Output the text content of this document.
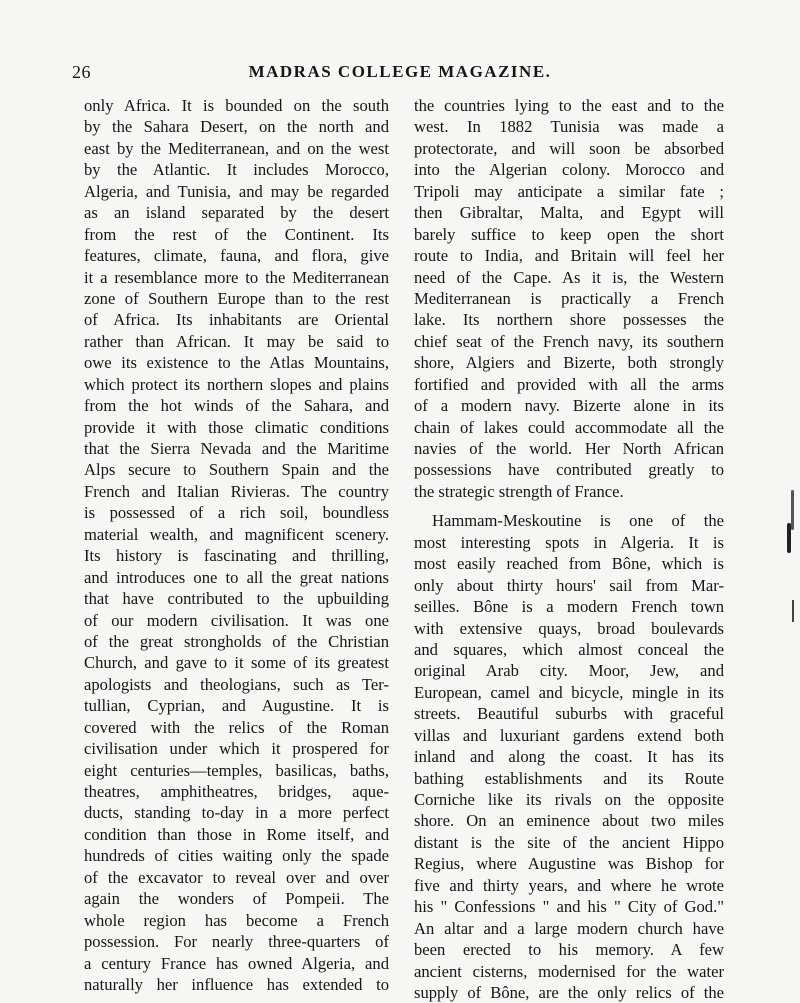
26	MADRAS COLLEGE MAGAZINE.
only Africa. It is bounded on the south
by the Sahara Desert, on the north and
east by the Mediterranean, and on the west
by the Atlantic. It includes Morocco,
Algeria, and Tunisia, and may be regarded
as an island separated by the desert
from the rest of the Continent. Its
features, climate, fauna, and flora, give
it a resemblance more to the Mediterranean
zone of Southern Europe than to the rest
of Africa. Its inhabitants are Oriental
rather than African. It may be said to
owe its existence to the Atlas Mountains,
which protect its northern slopes and plains
from the hot winds of the Sahara, and
provide it with those climatic conditions
that the Sierra Nevada and the Maritime
Alps secure to Southern Spain and the
French and Italian Rivieras. The country
is possessed of a rich soil, boundless
material wealth, and magnificent scenery.
Its history is fascinating and thrilling,
and introduces one to all the great nations
that have contributed to the upbuilding
of our modern civilisation. It was one
of the great strongholds of the Christian
Church, and gave to it some of its greatest
apologists and theologians, such as Ter-
tullian, Cyprian, and Augustine. It is
covered with the relics of the Roman
civilisation under which it prospered for
eight centuries—temples, basilicas, baths,
theatres, amphitheatres, bridges, aque-
ducts, standing to-day in a more perfect
condition than those in Rome itself, and
hundreds of cities waiting only the spade
of the excavator to reveal over and over
again the wonders of Pompeii. The
whole region has become a French
possession. For nearly three-quarters of
a century France has owned Algeria, and
naturally her influence has extended to
the countries lying to the east and to the
west. In 1882 Tunisia was made a
protectorate, and will soon be absorbed
into the Algerian colony. Morocco and
Tripoli may anticipate a similar fate ;
then Gibraltar, Malta, and Egypt will
barely suffice to keep open the short
route to India, and Britain will feel her
need of the Cape. As it is, the Western
Mediterranean is practically a French
lake. Its northern shore possesses the
chief seat of the French navy, its southern
shore, Algiers and Bizerte, both strongly
fortified and provided with all the arms
of a modern navy. Bizerte alone in its
chain of lakes could accommodate all the
navies of the world. Her North African
possessions have contributed greatly to
the strategic strength of France.
Hammam-Meskoutine is one of the
most interesting spots in Algeria. It is
most easily reached from Bône, which is
only about thirty hours' sail from Mar-
seilles. Bône is a modern French town
with extensive quays, broad boulevards
and squares, which almost conceal the
original Arab city. Moor, Jew, and
European, camel and bicycle, mingle in its
streets. Beautiful suburbs with graceful
villas and luxuriant gardens extend both
inland and along the coast. It has its
bathing establishments and its Route
Corniche like its rivals on the opposite
shore. On an eminence about two miles
distant is the site of the ancient Hippo
Regius, where Augustine was Bishop for
five and thirty years, and where he wrote
his " Confessions " and his " City of God."
An altar and a large modern church have
been erected to his memory. A few
ancient cisterns, modernised for the water
supply of Bône, are the only relics of the
